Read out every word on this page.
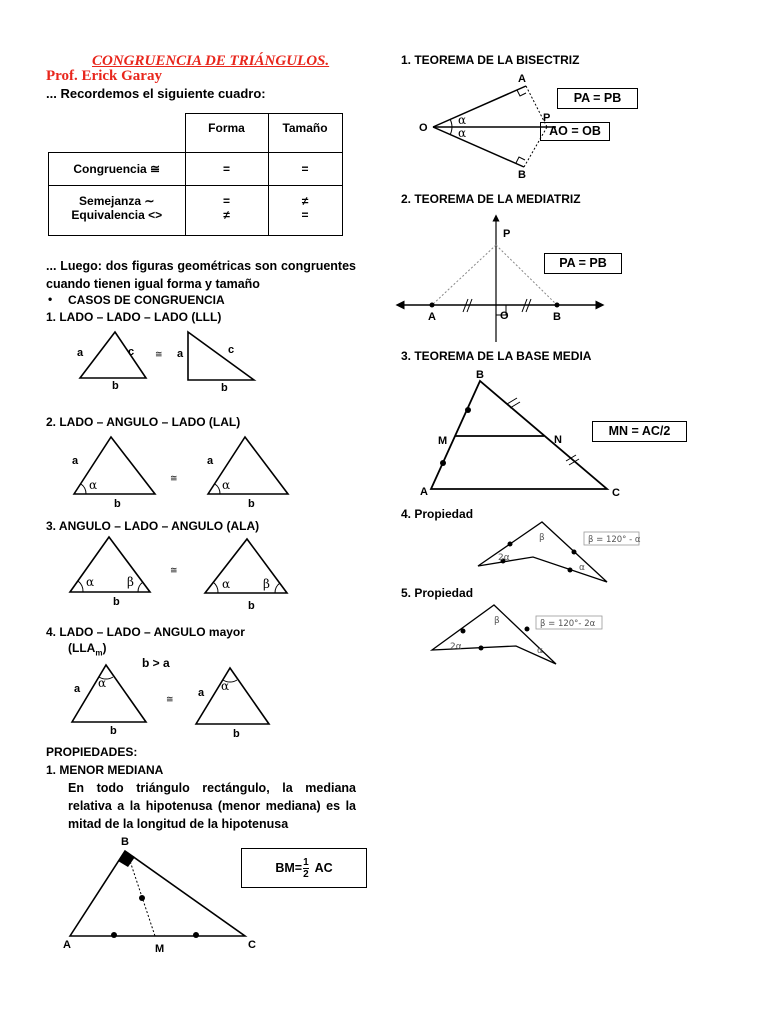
CONGRUENCIA DE TRIÁNGULOS.
Prof. Erick Garay
... Recordemos el siguiente cuadro:
	Forma	Tamaño
Congruencia ≅	=	=
Semejanza ∼	=	≠
Equivalencia <>	≠	=
... Luego: dos figuras geométricas son congruentes cuando tienen igual forma y tamaño
• CASOS DE CONGRUENCIA
1. LADO – LADO – LADO (LLL)
2. LADO – ANGULO – LADO (LAL)
3. ANGULO – LADO – ANGULO (ALA)
4. LADO – LADO – ANGULO mayor
$(LLA_m)$
b > a
PROPIEDADES:
1. MENOR MEDIANA
En todo triángulo rectángulo, la mediana relativa a la hipotenusa (menor mediana) es la mitad de la longitud de la hipotenusa
$BM= \frac{1}{2}$ AC
1. TEOREMA DE LA BISECTRIZ
PA = PB
AO = OB
2. TEOREMA DE LA MEDIATRIZ
PA = PB
3. TEOREMA DE LA BASE MEDIA
MN = AC/2
4. Propiedad
5. Propiedad
a	c
b
≅ a	c
b
a
α
b
≅
a
α
b
α	β
b
≅
α	β
b
a α
b
≅
a α
b
B
A	M	C
O
A
B
P
α
α
P
A	O	B
B
M	N
A	C
β
2α
α
β = 120° - α
β
2α	α
β = 120°- 2α
